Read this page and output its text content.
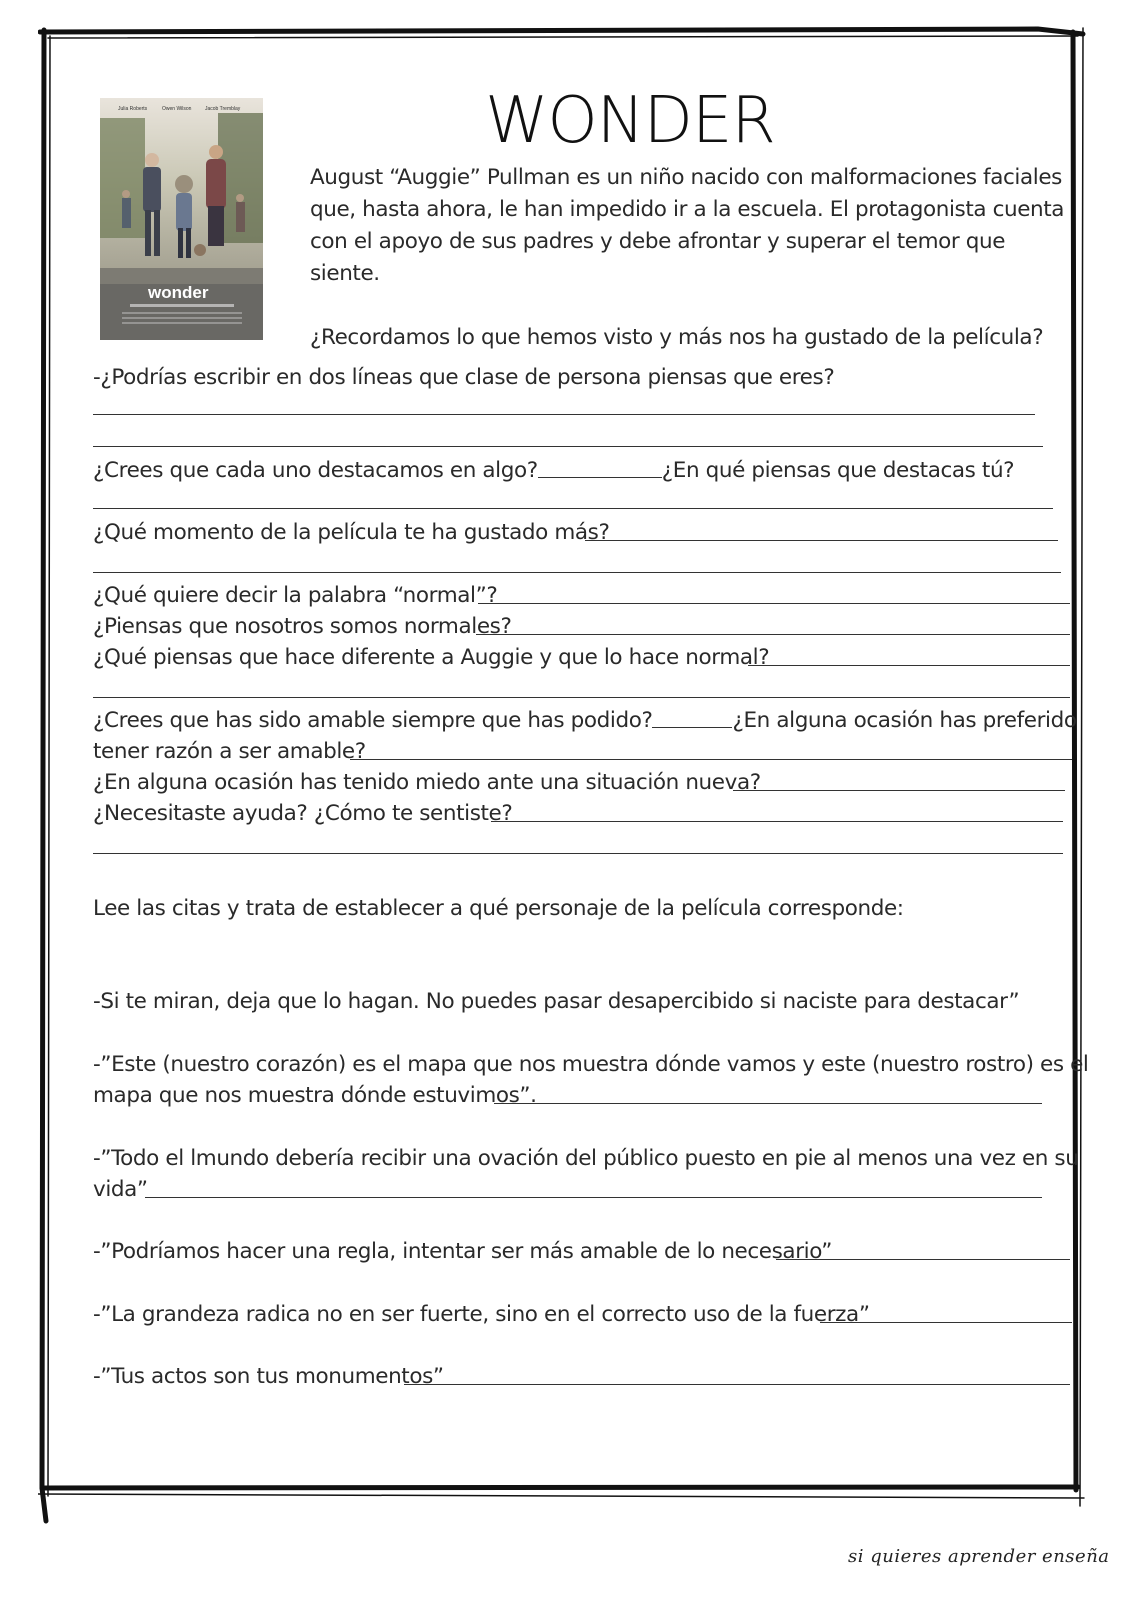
Julia Roberts	Owen Wilson	Jacob Tremblay
wonder
WONDER

August “Auggie” Pullman es un niño nacido con malformaciones faciales que, hasta ahora, le han impedido ir a la escuela. El protagonista cuenta con el apoyo de sus padres y debe afrontar y superar el temor que siente.

¿Recordamos lo que hemos visto y más nos ha gustado de la película?

-¿Podrías escribir en dos líneas que clase de persona piensas que eres?
¿Crees que cada uno destacamos en algo?	¿En qué piensas que destacas tú?
¿Qué momento de la película te ha gustado más?
¿Qué quiere decir la palabra “normal”?
¿Piensas que nosotros somos normales?
¿Qué piensas que hace diferente a Auggie y que lo hace normal?
¿Crees que has sido amable siempre que has podido?	¿En alguna ocasión has preferido
tener razón a ser amable?
¿En alguna ocasión has tenido miedo ante una situación nueva?
¿Necesitaste ayuda? ¿Cómo te sentiste?
Lee las citas y trata de establecer a qué personaje de la película corresponde:
-Si te miran, deja que lo hagan. No puedes pasar desapercibido si naciste para destacar”
-”Este (nuestro corazón) es el mapa que nos muestra dónde vamos y este (nuestro rostro) es el
mapa que nos muestra dónde estuvimos”.
-”Todo el lmundo debería recibir una ovación del público puesto en pie al menos una vez en su
vida”
-”Podríamos hacer una regla, intentar ser más amable de lo necesario”
-”La grandeza radica no en ser fuerte, sino en el correcto uso de la fuerza”
-”Tus actos son tus monumentos”
si quieres aprender enseña
